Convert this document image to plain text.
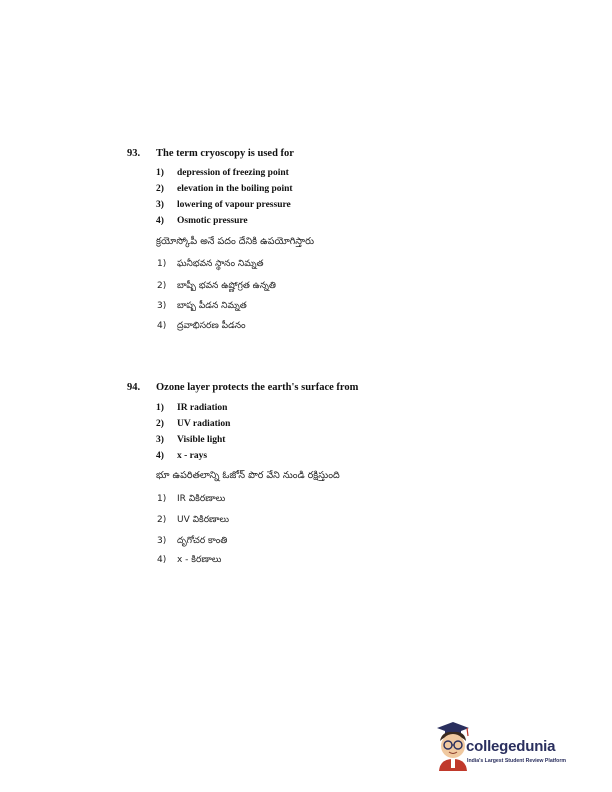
93. The term cryoscopy is used for
1) depression of freezing point
2) elevation in the boiling point
3) lowering of vapour pressure
4) Osmotic pressure
క్రయోస్కోపీ అనే పదం దేనికి ఉపయోగిస్తారు
1) ఘనీభవన స్థానం నిమ్నత
2) బాష్పీ భవన ఉష్ణోగ్రత ఉన్నతి
3) బాష్ప పీడన నిమ్నత
4) ద్రవాభిసరణ పీడనం
94. Ozone layer protects the earth's surface from
1) IR radiation
2) UV radiation
3) Visible light
4) x - rays
భూ ఉపరితలాన్ని ఓజోన్ పొర వేని నుండి రక్షిస్తుంది
1) IR వికిరణాలు
2) UV వికిరణాలు
3) దృగోచర కాంతి
4) x - కిరణాలు
collegedunia
India's Largest Student Review Platform
